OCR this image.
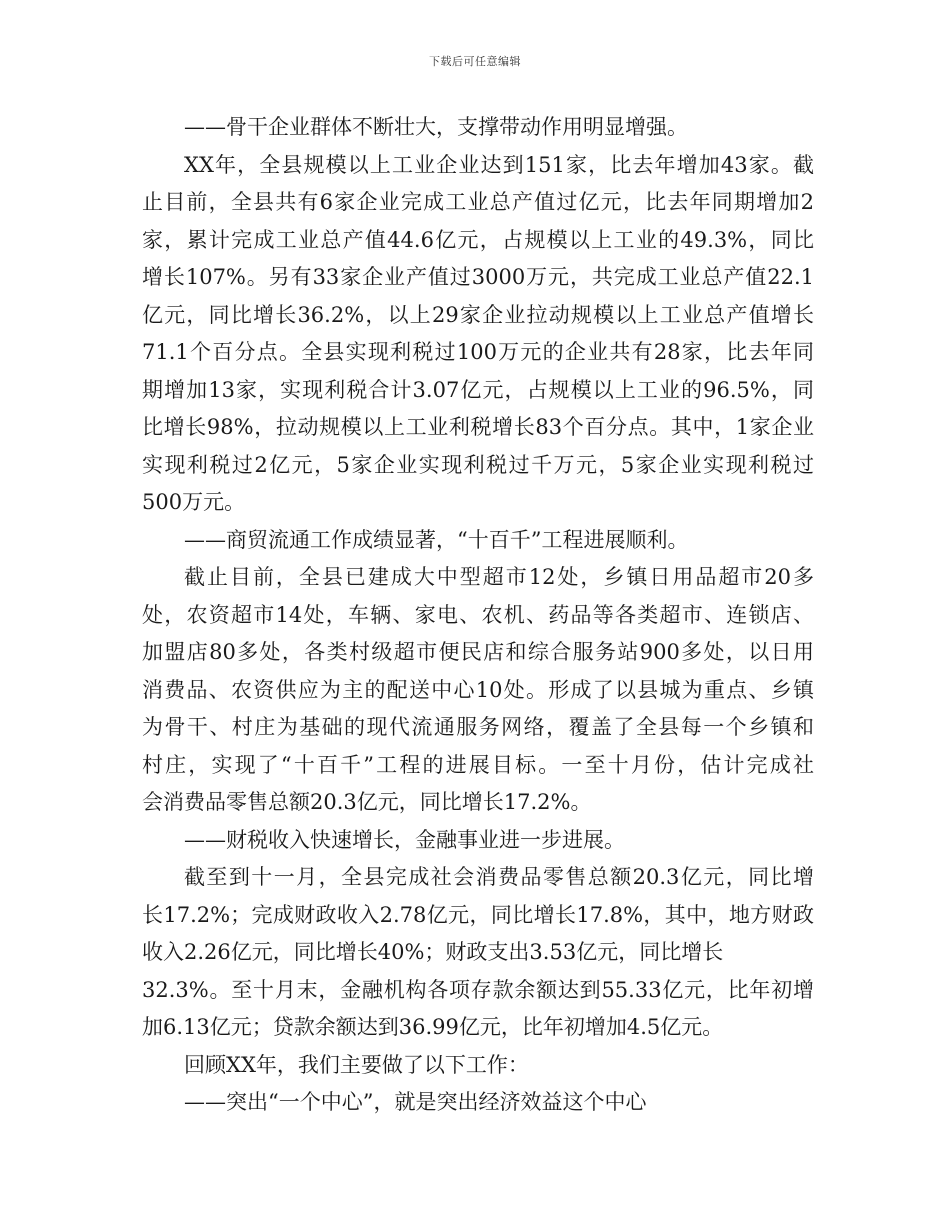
下载后可任意编辑
——骨干企业群体不断壮大，支撑带动作用明显增强。
XX年，全县规模以上工业企业达到151家，比去年增加43家。截
止目前，全县共有6家企业完成工业总产值过亿元，比去年同期增加2
家，累计完成工业总产值44.6亿元，占规模以上工业的49.3%，同比
增长107%。另有33家企业产值过3000万元，共完成工业总产值22.1
亿元，同比增长36.2%，以上29家企业拉动规模以上工业总产值增长
71.1个百分点。全县实现利税过100万元的企业共有28家，比去年同
期增加13家，实现利税合计3.07亿元，占规模以上工业的96.5%，同
比增长98%，拉动规模以上工业利税增长83个百分点。其中，1家企业
实现利税过2亿元，5家企业实现利税过千万元，5家企业实现利税过
500万元。
——商贸流通工作成绩显著，“十百千”工程进展顺利。
截止目前，全县已建成大中型超市12处，乡镇日用品超市20多
处，农资超市14处，车辆、家电、农机、药品等各类超市、连锁店、
加盟店80多处，各类村级超市便民店和综合服务站900多处，以日用
消费品、农资供应为主的配送中心10处。形成了以县城为重点、乡镇
为骨干、村庄为基础的现代流通服务网络，覆盖了全县每一个乡镇和
村庄，实现了“十百千”工程的进展目标。一至十月份，估计完成社
会消费品零售总额20.3亿元，同比增长17.2%。
——财税收入快速增长，金融事业进一步进展。
截至到十一月，全县完成社会消费品零售总额20.3亿元，同比增
长17.2%；完成财政收入2.78亿元，同比增长17.8%，其中，地方财政
收入2.26亿元，同比增长40%；财政支出3.53亿元，同比增长
32.3%。至十月末，金融机构各项存款余额达到55.33亿元，比年初增
加6.13亿元；贷款余额达到36.99亿元，比年初增加4.5亿元。
回顾XX年，我们主要做了以下工作：
——突出“一个中心”，就是突出经济效益这个中心
